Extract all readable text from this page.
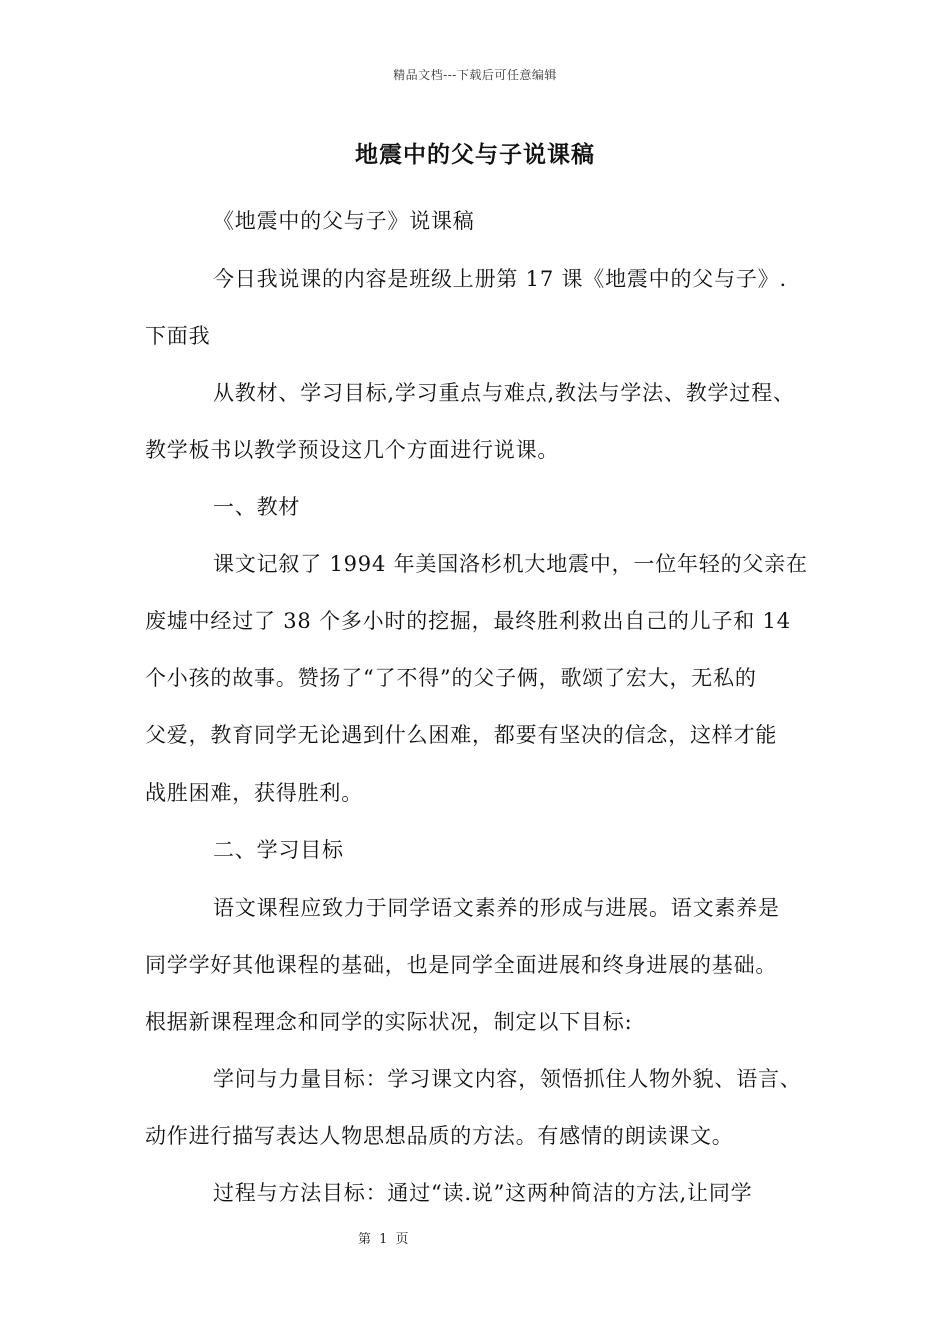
精品文档---下载后可任意编辑
地震中的父与子说课稿
《地震中的父与子》说课稿
今日我说课的内容是班级上册第 17 课《地震中的父与子》.
下面我
从教材、学习目标,学习重点与难点,教法与学法、教学过程、
教学板书以教学预设这几个方面进行说课。
一、教材
课文记叙了 1994 年美国洛杉机大地震中，一位年轻的父亲在
废墟中经过了 38 个多小时的挖掘，最终胜利救出自己的儿子和 14
个小孩的故事。赞扬了“了不得”的父子俩，歌颂了宏大，无私的
父爱，教育同学无论遇到什么困难，都要有坚决的信念，这样才能
战胜困难，获得胜利。
二、学习目标
语文课程应致力于同学语文素养的形成与进展。语文素养是
同学学好其他课程的基础，也是同学全面进展和终身进展的基础。
根据新课程理念和同学的实际状况，制定以下目标:
学问与力量目标：学习课文内容，领悟抓住人物外貌、语言、
动作进行描写表达人物思想品质的方法。有感情的朗读课文。
过程与方法目标：通过“读.说”这两种简洁的方法,让同学
第 1 页
